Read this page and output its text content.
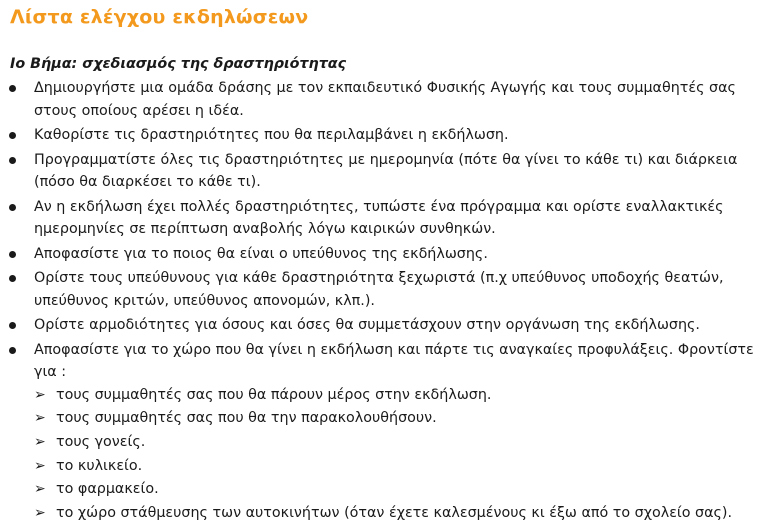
Λίστα ελέγχου εκδηλώσεων
Ιο Βήμα: σχεδιασμός της δραστηριότητας
Δημιουργήστε μια ομάδα δράσης με τον εκπαιδευτικό Φυσικής Αγωγής και τους συμμαθητές σας
στους οποίους αρέσει η ιδέα.
Καθορίστε τις δραστηριότητες που θα περιλαμβάνει η εκδήλωση.
Προγραμματίστε όλες τις δραστηριότητες με ημερομηνία (πότε θα γίνει το κάθε τι) και διάρκεια
(πόσο θα διαρκέσει το κάθε τι).
Αν η εκδήλωση έχει πολλές δραστηριότητες, τυπώστε ένα πρόγραμμα και ορίστε εναλλακτικές
ημερομηνίες σε περίπτωση αναβολής λόγω καιρικών συνθηκών.
Αποφασίστε για το ποιος θα είναι ο υπεύθυνος της εκδήλωσης.
Ορίστε τους υπεύθυνους για κάθε δραστηριότητα ξεχωριστά (π.χ υπεύθυνος υποδοχής θεατών,
υπεύθυνος κριτών, υπεύθυνος απονομών, κλπ.).
Ορίστε αρμοδιότητες για όσους και όσες θα συμμετάσχουν στην οργάνωση της εκδήλωσης.
Αποφασίστε για το χώρο που θα γίνει η εκδήλωση και πάρτε τις αναγκαίες προφυλάξεις. Φροντίστε
για :
➢ τους συμμαθητές σας που θα πάρουν μέρος στην εκδήλωση.
➢ τους συμμαθητές σας που θα την παρακολουθήσουν.
➢ τους γονείς.
➢ το κυλικείο.
➢ το φαρμακείο.
➢ το χώρο στάθμευσης των αυτοκινήτων (όταν έχετε καλεσμένους κι έξω από το σχολείο σας).
